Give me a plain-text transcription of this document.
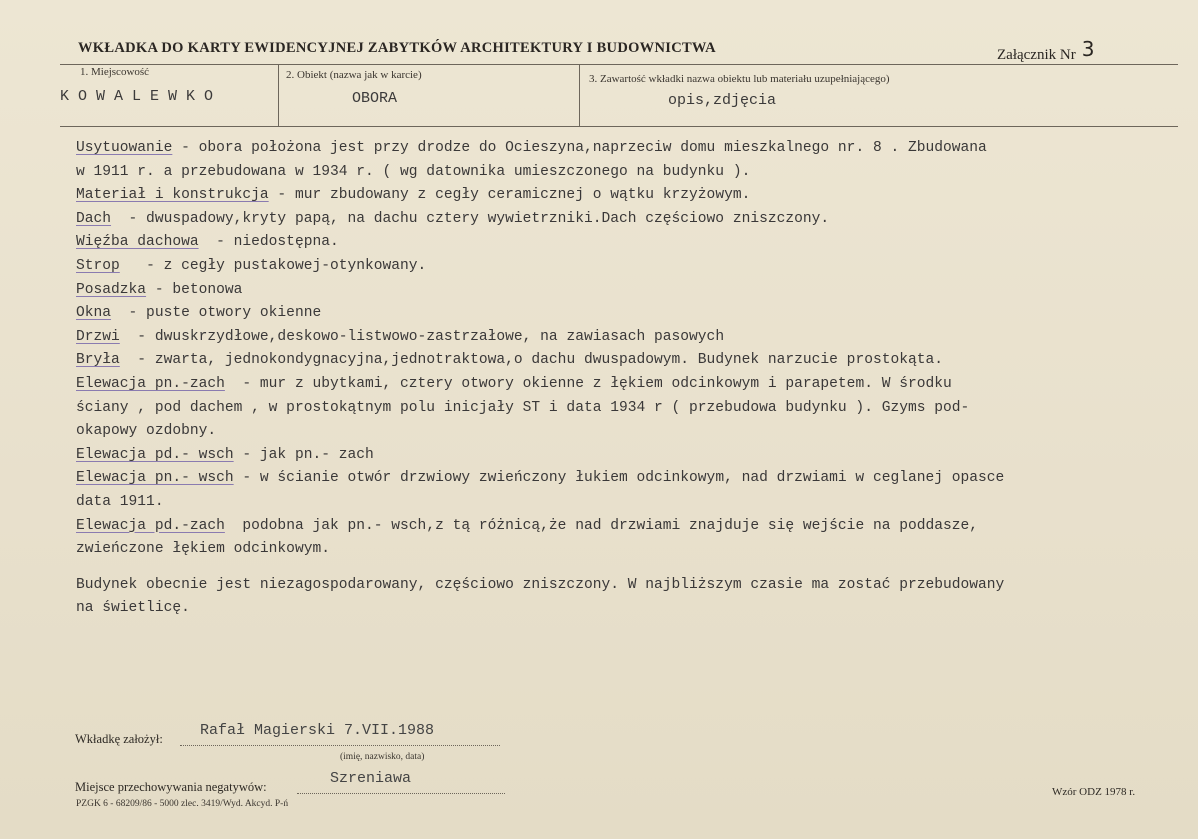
WKŁADKA DO KARTY EWIDENCYJNEJ ZABYTKÓW ARCHITEKTURY I BUDOWNICTWA	Załącznik Nr 3
1. Miejscowość
KOWALEWKO
2. Obiekt (nazwa jak w karcie)
OBORA
3. Zawartość wkładki nazwa obiektu lub materiału uzupełniającego)
opis,zdjęcia

Usytuowanie - obora położona jest przy drodze do Ocieszyna,naprzeciw domu mieszkalnego nr. 8 . Zbudowana

w 1911 r. a przebudowana w 1934 r. ( wg datownika umieszczonego na budynku ).

Materiał i konstrukcja - mur zbudowany z cegły ceramicznej o wątku krzyżowym.

Dach  - dwuspadowy,kryty papą, na dachu cztery wywietrzniki.Dach częściowo zniszczony.

Więźba dachowa  - niedostępna.

Strop   - z cegły pustakowej-otynkowany.

Posadzka - betonowa

Okna  - puste otwory okienne

Drzwi  - dwuskrzydłowe,deskowo-listwowo-zastrzałowe, na zawiasach pasowych

Bryła  - zwarta, jednokondygnacyjna,jednotraktowa,o dachu dwuspadowym. Budynek narzucie prostokąta.

Elewacja pn.-zach  - mur z ubytkami, cztery otwory okienne z łękiem odcinkowym i parapetem. W środku

ściany , pod dachem , w prostokątnym polu inicjały ST i data 1934 r ( przebudowa budynku ). Gzyms pod-

okapowy ozdobny.

Elewacja pd.- wsch - jak pn.- zach

Elewacja pn.- wsch - w ścianie otwór drzwiowy zwieńczony łukiem odcinkowym, nad drzwiami w ceglanej opasce

data 1911.

Elewacja pd.-zach  podobna jak pn.- wsch,z tą różnicą,że nad drzwiami znajduje się wejście na poddasze,

zwieńczone łękiem odcinkowym.

Budynek obecnie jest niezagospodarowany, częściowo zniszczony. W najbliższym czasie ma zostać przebudowany

na świetlicę.

Wkładkę założył: Rafał Magierski 7.VII.1988
(imię, nazwisko, data)
Miejsce przechowywania negatywów:	Szreniawa
PZGK 6 - 68209/86 - 5000 zlec. 3419/Wyd. Akcyd. P-ń
Wzór ODZ 1978 r.
